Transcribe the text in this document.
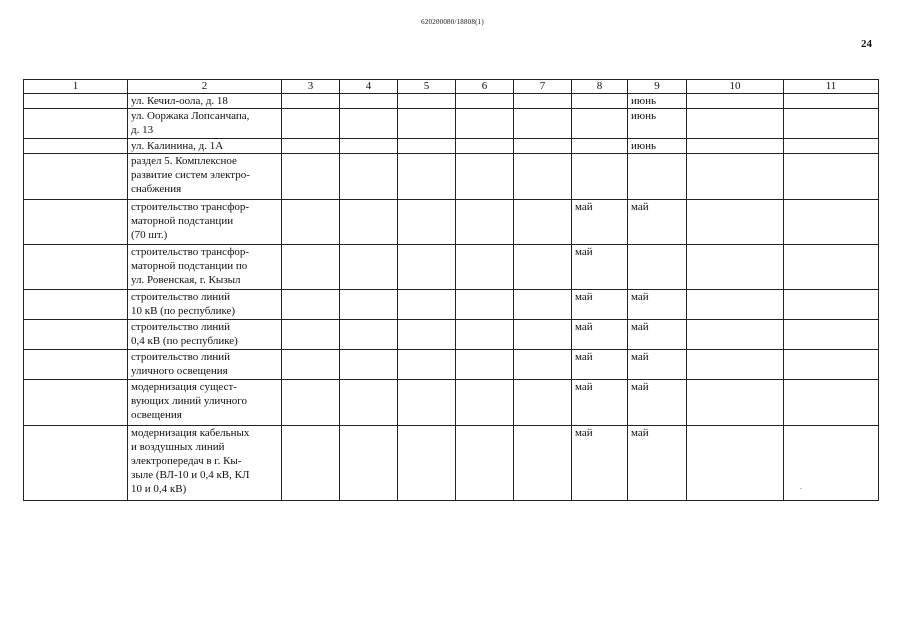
620200080/18808(1)
24
1	2	3	4	5	6	7	8	9	10	11
	ул. Кечил-оола, д. 18							июнь		
	ул. Ооржака Лопсанчапа,
д. 13							июнь		
	ул. Калинина, д. 1А							июнь		
	раздел 5. Комплексное
развитие систем электро-
снабжения									
	строительство трансфор-
маторной подстанции
(70 шт.)						май	май		
	строительство трансфор-
маторной подстанции по
ул. Ровенская, г. Кызыл						май			
	строительство линий
10 кВ (по республике)						май	май		
	строительство линий
0,4 кВ (по республике)						май	май		
	строительство линий
уличного освещения						май	май		
	модернизация сущест-
вующих линий уличного
освещения						май	май		
	модернизация кабельных
и воздушных линий
электропередач в г. Кы-
зыле (ВЛ-10 и 0,4 кВ, КЛ
10 и 0,4 кВ)						май	май		
